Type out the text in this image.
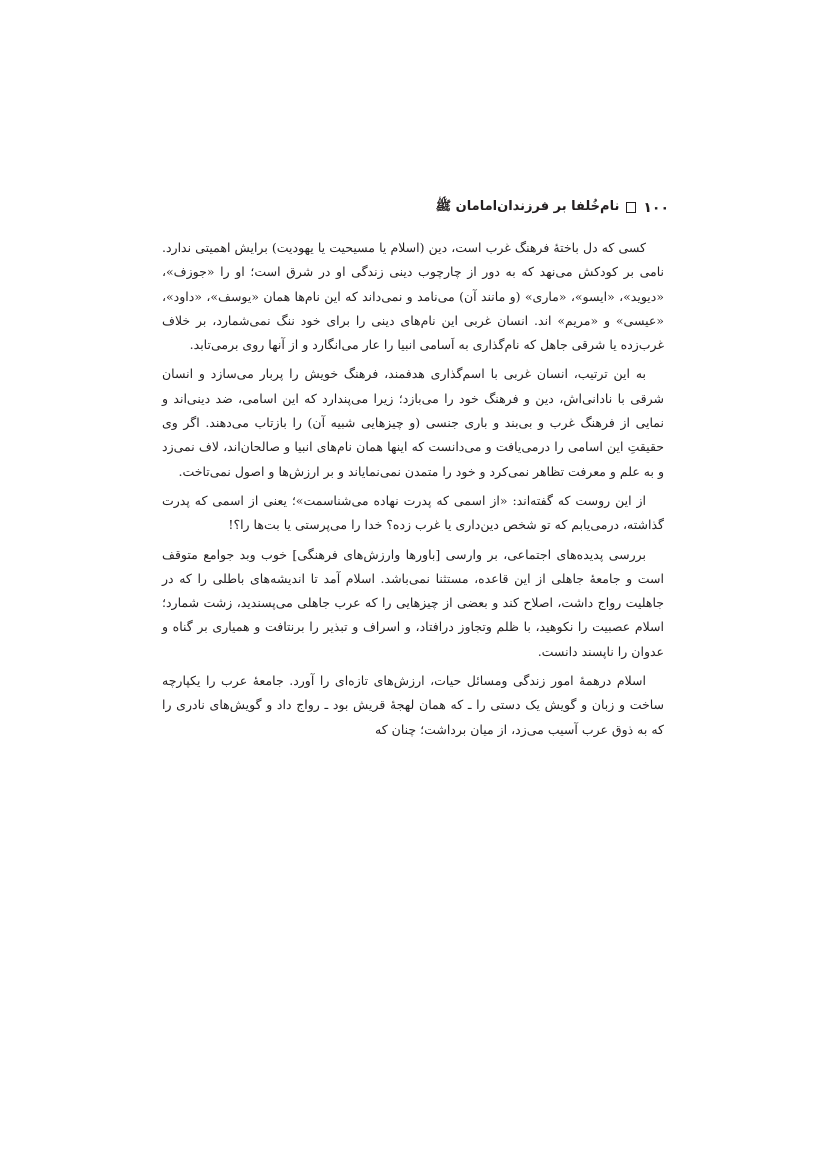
۱۰۰
نام‌خُلفا بر فرزندان‌امامان ﷺ

کسی که دل باختهٔ فرهنگ غرب است، دین (اسلام یا مسیحیت یا یهودیت) برایش اهمیتی ندارد. نامی بر کودکش می‌نهد که به دور از چارچوب دینی زندگی او در شرق است؛ او را «جوزف»، «دیوید»، «ایسو»، «ماری» (و مانند آن) می‌نامد و نمی‌داند که این نام‌ها همان «یوسف»، «داود»، «عیسی» و «مریم» اند. انسان غربی این نام‌های دینی را برای خود ننگ نمی‌شمارد، بر خلاف غرب‌زده یا شرقی جاهل که نام‌گذاری به اَسامی انبیا را عار می‌انگارد و از آنها روی برمی‌تابد.

به این ترتیب، انسان غربی با اسم‌گذاری هدفمند، فرهنگ خویش را پربار می‌سازد و انسان شرقی با نادانی‌اش، دین و فرهنگ خود را می‌بازد؛ زیرا می‌پندارد که این اسامی، ضد دینی‌اند و نمایی از فرهنگ غرب و بی‌بند و باری جنسی (و چیزهایی شبیه آن) را بازتاب می‌دهند. اگر وی حقیقتِ این اسامی را درمی‌یافت و می‌دانست که اینها همان نام‌های انبیا و صالحان‌اند، لاف نمی‌زد و به علم و معرفت تظاهر نمی‌کرد و خود را متمدن نمی‌نمایاند و بر ارزش‌ها و اصول نمی‌تاخت.

از این روست که گفته‌اند: «از اسمی که پدرت نهاده می‌شناسمت»؛ یعنی از اسمی که پدرت گذاشته، درمی‌یابم که تو شخص دین‌داری یا غرب زده؟ خدا را می‌پرستی یا بت‌ها را؟!

بررسی پدیده‌های اجتماعی، بر وارسی [باورها وارزش‌های فرهنگی] خوب وبد جوامع متوقف است و جامعهٔ جاهلی از این قاعده، مستثنا نمی‌باشد. اسلام آمد تا اندیشه‌های باطلی را که در جاهلیت رواج داشت، اصلاح کند و بعضی از چیزهایی را که عرب جاهلی می‌پسندید، زشت شمارد؛ اسلام عصبیت را نکوهید، با ظلم وتجاوز درافتاد، و اسراف و تبذیر را برنتافت و همیاری بر گناه و عدوان را ناپسند دانست.

اسلام درهمهٔ امور زندگی ومسائل حیات، ارزش‌های تازه‌ای را آورد. جامعهٔ عرب را یکپارچه ساخت و زبان و گویش یک دستی را ـ که همان لهجهٔ قریش بود ـ رواج داد و گویش‌های نادری را که به ذوق عرب آسیب می‌زد، از میان برداشت؛ چنان که
